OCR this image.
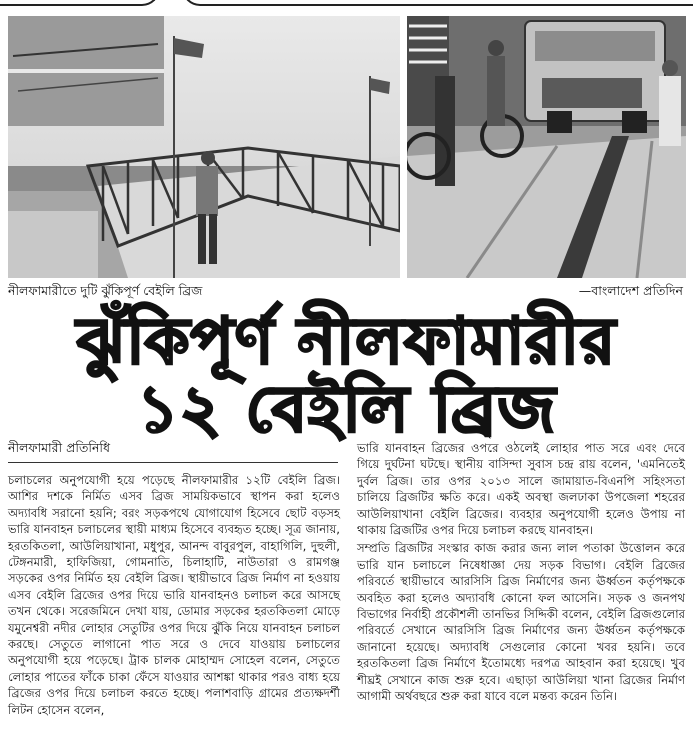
নীলফামারীতে দুটি ঝুঁকিপূর্ণ বেইলি ব্রিজ	—বাংলাদেশ প্রতিদিন
ঝুঁকিপূর্ণ নীলফামারীর
১২ বেইলি ব্রিজ
নীলফামারী প্রতিনিধি

চলাচলের অনুপযোগী হয়ে পড়েছে নীলফামারীর ১২টি বেইলি ব্রিজ। আশির দশকে নির্মিত এসব ব্রিজ সাময়িকভাবে স্থাপন করা হলেও অদ্যাবধি সরানো হয়নি; বরং সড়কপথে যোগাযোগ হিসেবে ছোট বড়সহ ভারি যানবাহন চলাচলের স্থায়ী মাধ্যম হিসেবে ব্যবহৃত হচ্ছে। সূত্র জানায়, হরতকিতলা, আউলিয়াখানা, মধুপুর, আনন্দ বাবুরপুল, বাহাগিলি, দুহুলী, টেঙ্গনমারী, হাফিজিয়া, গোমনাতি, চিলাহাটি, নাউতারা ও রামগঞ্জ সড়কের ওপর নির্মিত হয় বেইলি ব্রিজ। স্থায়ীভাবে ব্রিজ নির্মাণ না হওয়ায় এসব বেইলি ব্রিজের ওপর দিয়ে ভারি যানবাহনও চলাচল করে আসছে তখন থেকে। সরেজমিনে দেখা যায়, ডোমার সড়কের হরতকিতলা মোড়ে যমুনেশ্বরী নদীর লোহার সেতুটির ওপর দিয়ে ঝুঁকি নিয়ে যানবাহন চলাচল করছে। সেতুতে লাগানো পাত সরে ও দেবে যাওয়ায় চলাচলের অনুপযোগী হয়ে পড়েছে। ট্রাক চালক মোহাম্মদ সোহেল বলেন, সেতুতে লোহার পাতের ফাঁকে চাকা ফেঁসে যাওয়ার আশঙ্কা থাকার পরও বাধ্য হয়ে ব্রিজের ওপর দিয়ে চলাচল করতে হচ্ছে। পলাশবাড়ি গ্রামের প্রত্যক্ষদর্শী লিটন হোসেন বলেন,

ভারি যানবাহন ব্রিজের ওপরে ওঠলেই লোহার পাত সরে এবং দেবে গিয়ে দুর্ঘটনা ঘটছে। স্থানীয় বাসিন্দা সুবাস চন্দ্র রায় বলেন, 'এমনিতেই দুর্বল ব্রিজ। তার ওপর ২০১৩ সালে জামায়াত-বিএনপি সহিংসতা চালিয়ে ব্রিজটির ক্ষতি করে। একই অবস্থা জলঢাকা উপজেলা শহরের আউলিয়াখানা বেইলি ব্রিজের। ব্যবহার অনুপযোগী হলেও উপায় না থাকায় ব্রিজটির ওপর দিয়ে চলাচল করছে যানবাহন।

সম্প্রতি ব্রিজটির সংস্কার কাজ করার জন্য লাল পতাকা উত্তোলন করে ভারি যান চলাচলে নিষেধাজ্ঞা দেয় সড়ক বিভাগ। বেইলি ব্রিজের পরিবর্তে স্থায়ীভাবে আরসিসি ব্রিজ নির্মাণের জন্য ঊর্ধ্বতন কর্তৃপক্ষকে অবহিত করা হলেও অদ্যাবধি কোনো ফল আসেনি। সড়ক ও জনপথ বিভাগের নির্বাহী প্রকৌশলী তানভির সিদ্দিকী বলেন, বেইলি ব্রিজগুলোর পরিবর্তে সেখানে আরসিসি ব্রিজ নির্মাণের জন্য ঊর্ধ্বতন কর্তৃপক্ষকে জানানো হয়েছে। অদ্যাবধি সেগুলোর কোনো খবর হয়নি। তবে হরতকিতলা ব্রিজ নির্মাণে ইতোমধ্যে দরপত্র আহবান করা হয়েছে। খুব শীঘ্রই সেখানে কাজ শুরু হবে। এছাড়া আউলিয়া খানা ব্রিজের নির্মাণ আগামী অর্থবছরে শুরু করা যাবে বলে মন্তব্য করেন তিনি।
